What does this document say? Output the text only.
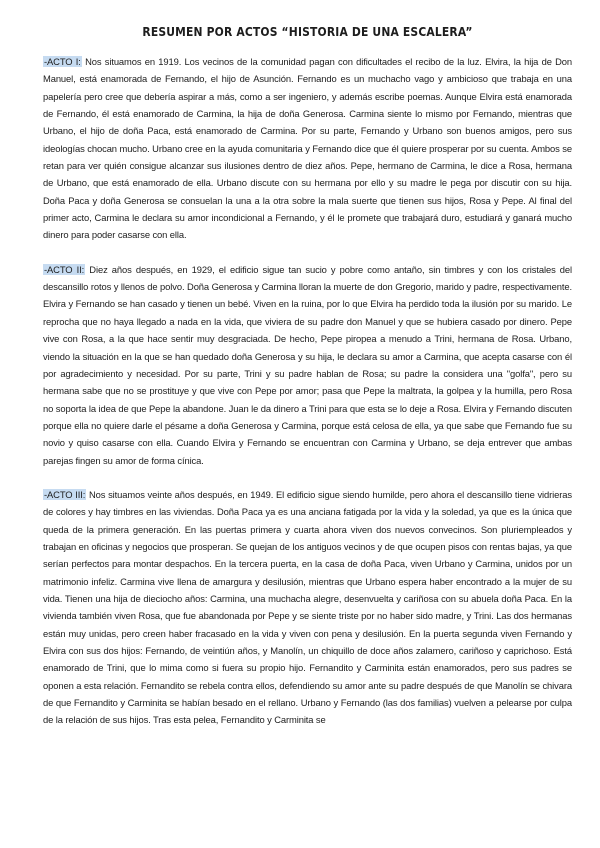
RESUMEN POR ACTOS “HISTORIA DE UNA ESCALERA”

-ACTO I: Nos situamos en 1919. Los vecinos de la comunidad pagan con dificultades el recibo de la luz. Elvira, la hija de Don Manuel, está enamorada de Fernando, el hijo de Asunción. Fernando es un muchacho vago y ambicioso que trabaja en una papelería pero cree que debería aspirar a más, como a ser ingeniero, y además escribe poemas. Aunque Elvira está enamorada de Fernando, él está enamorado de Carmina, la hija de doña Generosa. Carmina siente lo mismo por Fernando, mientras que Urbano, el hijo de doña Paca, está enamorado de Carmina. Por su parte, Fernando y Urbano son buenos amigos, pero sus ideologías chocan mucho. Urbano cree en la ayuda comunitaria y Fernando dice que él quiere prosperar por su cuenta. Ambos se retan para ver quién consigue alcanzar sus ilusiones dentro de diez años. Pepe, hermano de Carmina, le dice a Rosa, hermana de Urbano, que está enamorado de ella. Urbano discute con su hermana por ello y su madre le pega por discutir con su hija. Doña Paca y doña Generosa se consuelan la una a la otra sobre la mala suerte que tienen sus hijos, Rosa y Pepe. Al final del primer acto, Carmina le declara su amor incondicional a Fernando, y él le promete que trabajará duro, estudiará y ganará mucho dinero para poder casarse con ella.

-ACTO II: Diez años después, en 1929, el edificio sigue tan sucio y pobre como antaño, sin timbres y con los cristales del descansillo rotos y llenos de polvo. Doña Generosa y Carmina lloran la muerte de don Gregorio, marido y padre, respectivamente. Elvira y Fernando se han casado y tienen un bebé. Viven en la ruina, por lo que Elvira ha perdido toda la ilusión por su marido. Le reprocha que no haya llegado a nada en la vida, que viviera de su padre don Manuel y que se hubiera casado por dinero. Pepe vive con Rosa, a la que hace sentir muy desgraciada. De hecho, Pepe piropea a menudo a Trini, hermana de Rosa. Urbano, viendo la situación en la que se han quedado doña Generosa y su hija, le declara su amor a Carmina, que acepta casarse con él por agradecimiento y necesidad. Por su parte, Trini y su padre hablan de Rosa; su padre la considera una "golfa", pero su hermana sabe que no se prostituye y que vive con Pepe por amor; pasa que Pepe la maltrata, la golpea y la humilla, pero Rosa no soporta la idea de que Pepe la abandone. Juan le da dinero a Trini para que esta se lo deje a Rosa. Elvira y Fernando discuten porque ella no quiere darle el pésame a doña Generosa y Carmina, porque está celosa de ella, ya que sabe que Fernando fue su novio y quiso casarse con ella. Cuando Elvira y Fernando se encuentran con Carmina y Urbano, se deja entrever que ambas parejas fingen su amor de forma cínica.

-ACTO III: Nos situamos veinte años después, en 1949. El edificio sigue siendo humilde, pero ahora el descansillo tiene vidrieras de colores y hay timbres en las viviendas. Doña Paca ya es una anciana fatigada por la vida y la soledad, ya que es la única que queda de la primera generación. En las puertas primera y cuarta ahora viven dos nuevos convecinos. Son pluriempleados y trabajan en oficinas y negocios que prosperan. Se quejan de los antiguos vecinos y de que ocupen pisos con rentas bajas, ya que serían perfectos para montar despachos. En la tercera puerta, en la casa de doña Paca, viven Urbano y Carmina, unidos por un matrimonio infeliz. Carmina vive llena de amargura y desilusión, mientras que Urbano espera haber encontrado a la mujer de su vida. Tienen una hija de dieciocho años: Carmina, una muchacha alegre, desenvuelta y cariñosa con su abuela doña Paca. En la vivienda también viven Rosa, que fue abandonada por Pepe y se siente triste por no haber sido madre, y Trini. Las dos hermanas están muy unidas, pero creen haber fracasado en la vida y viven con pena y desilusión. En la puerta segunda viven Fernando y Elvira con sus dos hijos: Fernando, de veintiún años, y Manolín, un chiquillo de doce años zalamero, cariñoso y caprichoso. Está enamorado de Trini, que lo mima como si fuera su propio hijo. Fernandito y Carminita están enamorados, pero sus padres se oponen a esta relación. Fernandito se rebela contra ellos, defendiendo su amor ante su padre después de que Manolín se chivara de que Fernandito y Carminita se habían besado en el rellano. Urbano y Fernando (las dos familias) vuelven a pelearse por culpa de la relación de sus hijos. Tras esta pelea, Fernandito y Carminita se
